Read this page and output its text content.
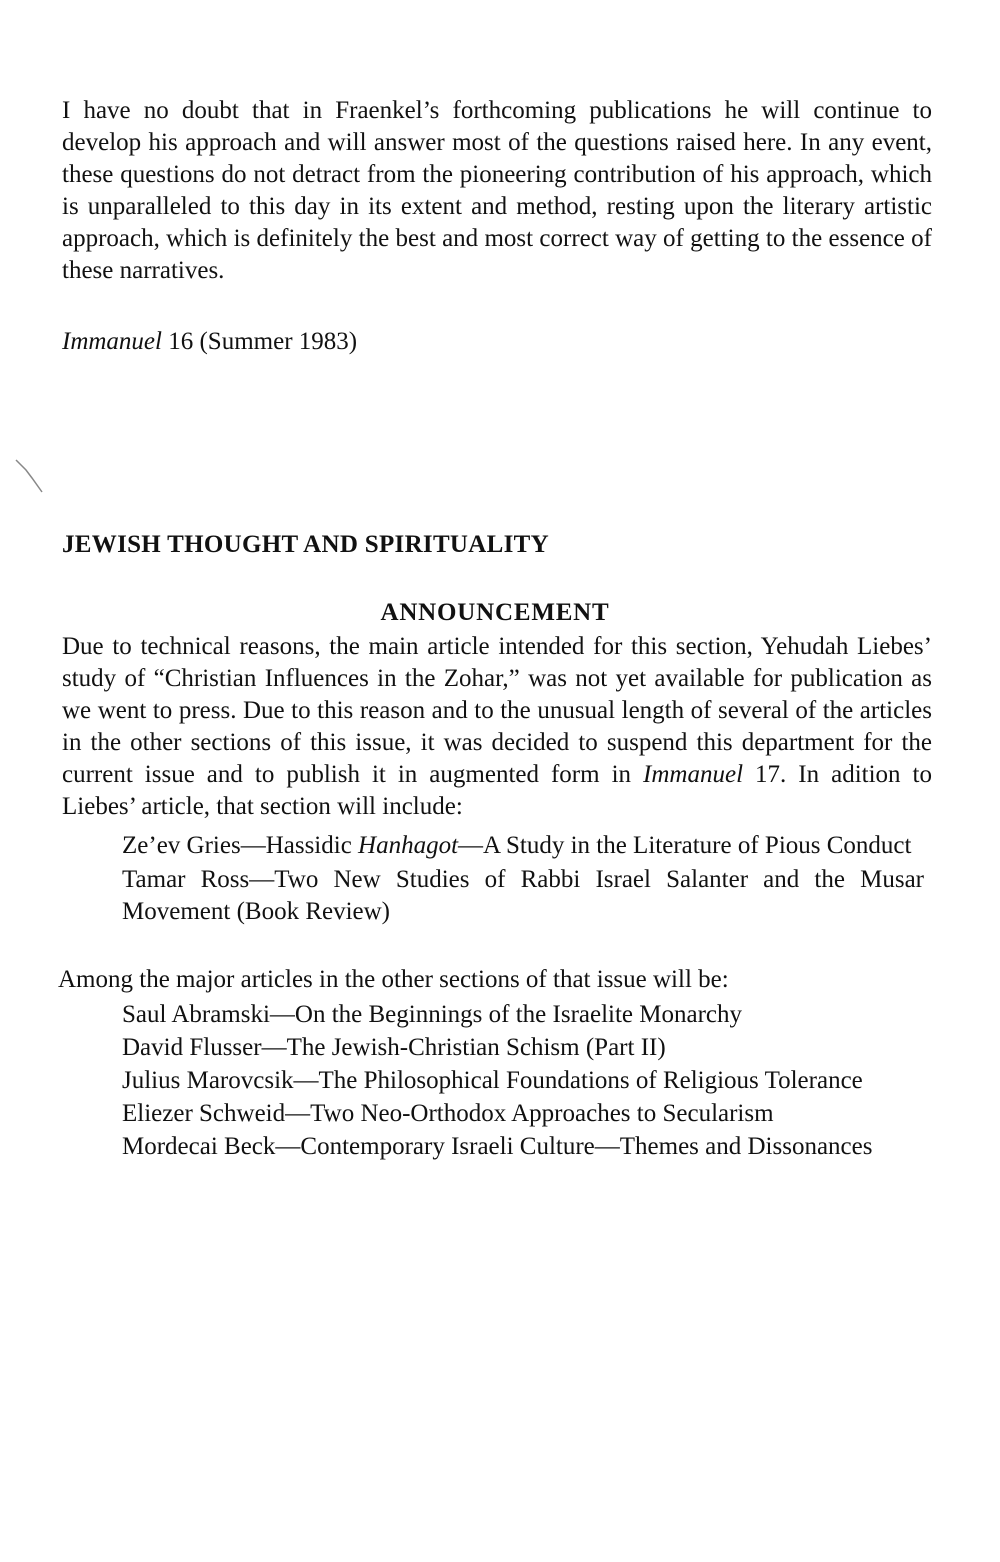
I have no doubt that in Fraenkel’s forthcoming publications he will continue to develop his approach and will answer most of the questions raised here. In any event, these questions do not detract from the pioneering contribution of his approach, which is unparalleled to this day in its extent and method, resting upon the literary artistic approach, which is definitely the best and most correct way of getting to the essence of these narratives.

Immanuel 16 (Summer 1983)

JEWISH THOUGHT AND SPIRITUALITY
ANNOUNCEMENT

Due to technical reasons, the main article intended for this section, Yehudah Liebes’ study of “Christian Influences in the Zohar,” was not yet available for publication as we went to press. Due to this reason and to the unusual length of several of the articles in the other sections of this issue, it was decided to suspend this department for the current issue and to publish it in augmented form in Immanuel 17. In adition to Liebes’ article, that section will include:

Ze’ev Gries—Hassidic Hanhagot—A Study in the Literature of Pious Conduct
Tamar Ross—Two New Studies of Rabbi Israel Salanter and the Musar Movement (Book Review)

Among the major articles in the other sections of that issue will be:

Saul Abramski—On the Beginnings of the Israelite Monarchy
David Flusser—The Jewish-Christian Schism (Part II)
Julius Marovcsik—The Philosophical Foundations of Religious Tolerance
Eliezer Schweid—Two Neo-Orthodox Approaches to Secularism
Mordecai Beck—Contemporary Israeli Culture—Themes and Dissonances
